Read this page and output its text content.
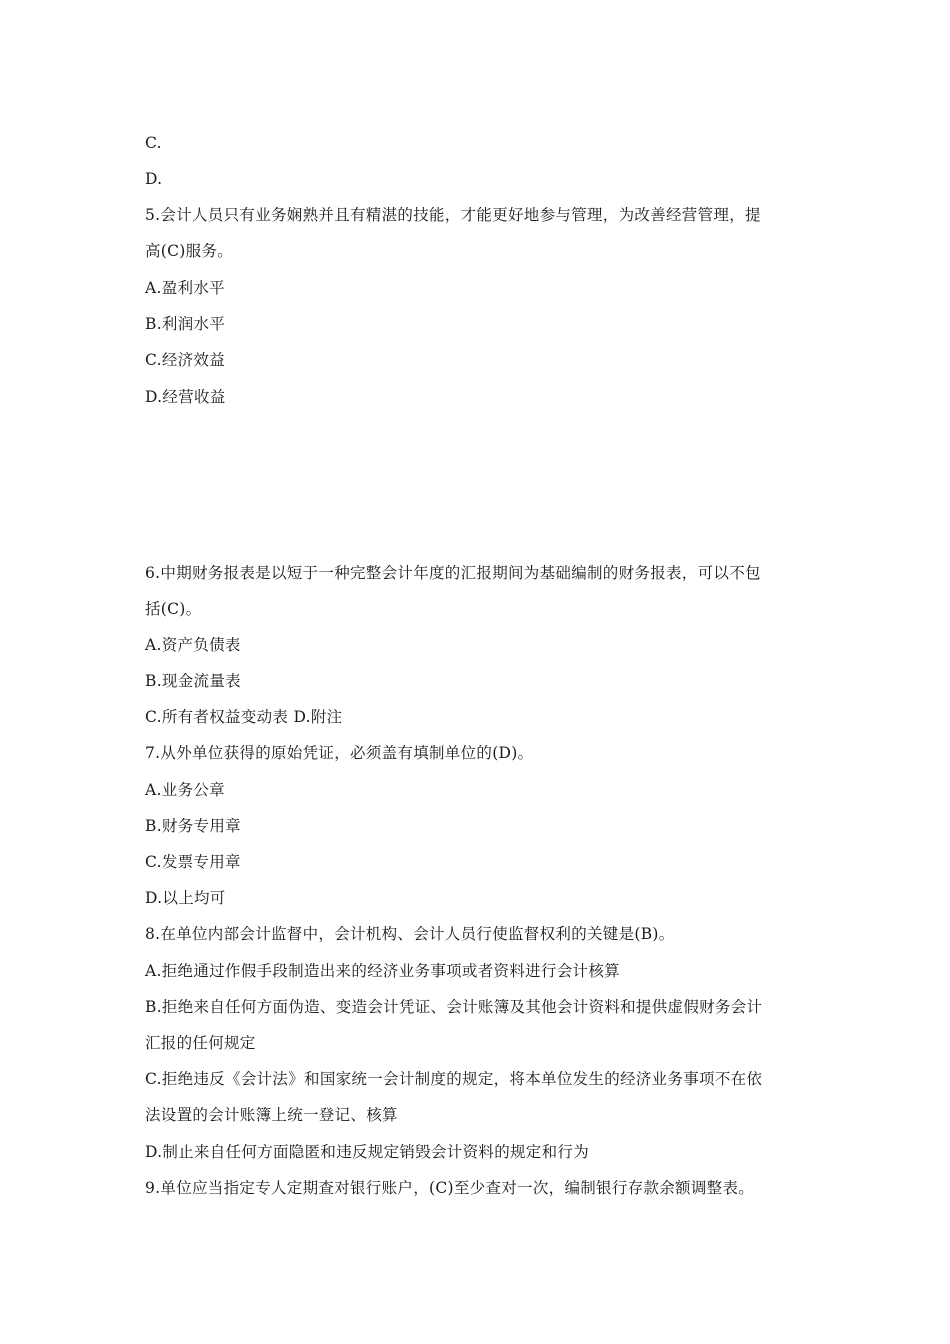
C.
D.
5.会计人员只有业务娴熟并且有精湛的技能，才能更好地参与管理，为改善经营管理，提
高(C)服务。
A.盈利水平
B.利润水平
C.经济效益
D.经营收益
6.中期财务报表是以短于一种完整会计年度的汇报期间为基础编制的财务报表，可以不包
括(C)。
A.资产负债表
B.现金流量表
C.所有者权益变动表 D.附注
7.从外单位获得的原始凭证，必须盖有填制单位的(D)。
A.业务公章
B.财务专用章
C.发票专用章
D.以上均可
8.在单位内部会计监督中，会计机构、会计人员行使监督权利的关键是(B)。
A.拒绝通过作假手段制造出来的经济业务事项或者资料进行会计核算
B.拒绝来自任何方面伪造、变造会计凭证、会计账簿及其他会计资料和提供虚假财务会计
汇报的任何规定
C.拒绝违反《会计法》和国家统一会计制度的规定，将本单位发生的经济业务事项不在依
法设置的会计账簿上统一登记、核算
D.制止来自任何方面隐匿和违反规定销毁会计资料的规定和行为
9.单位应当指定专人定期查对银行账户，(C)至少查对一次，编制银行存款余额调整表。
